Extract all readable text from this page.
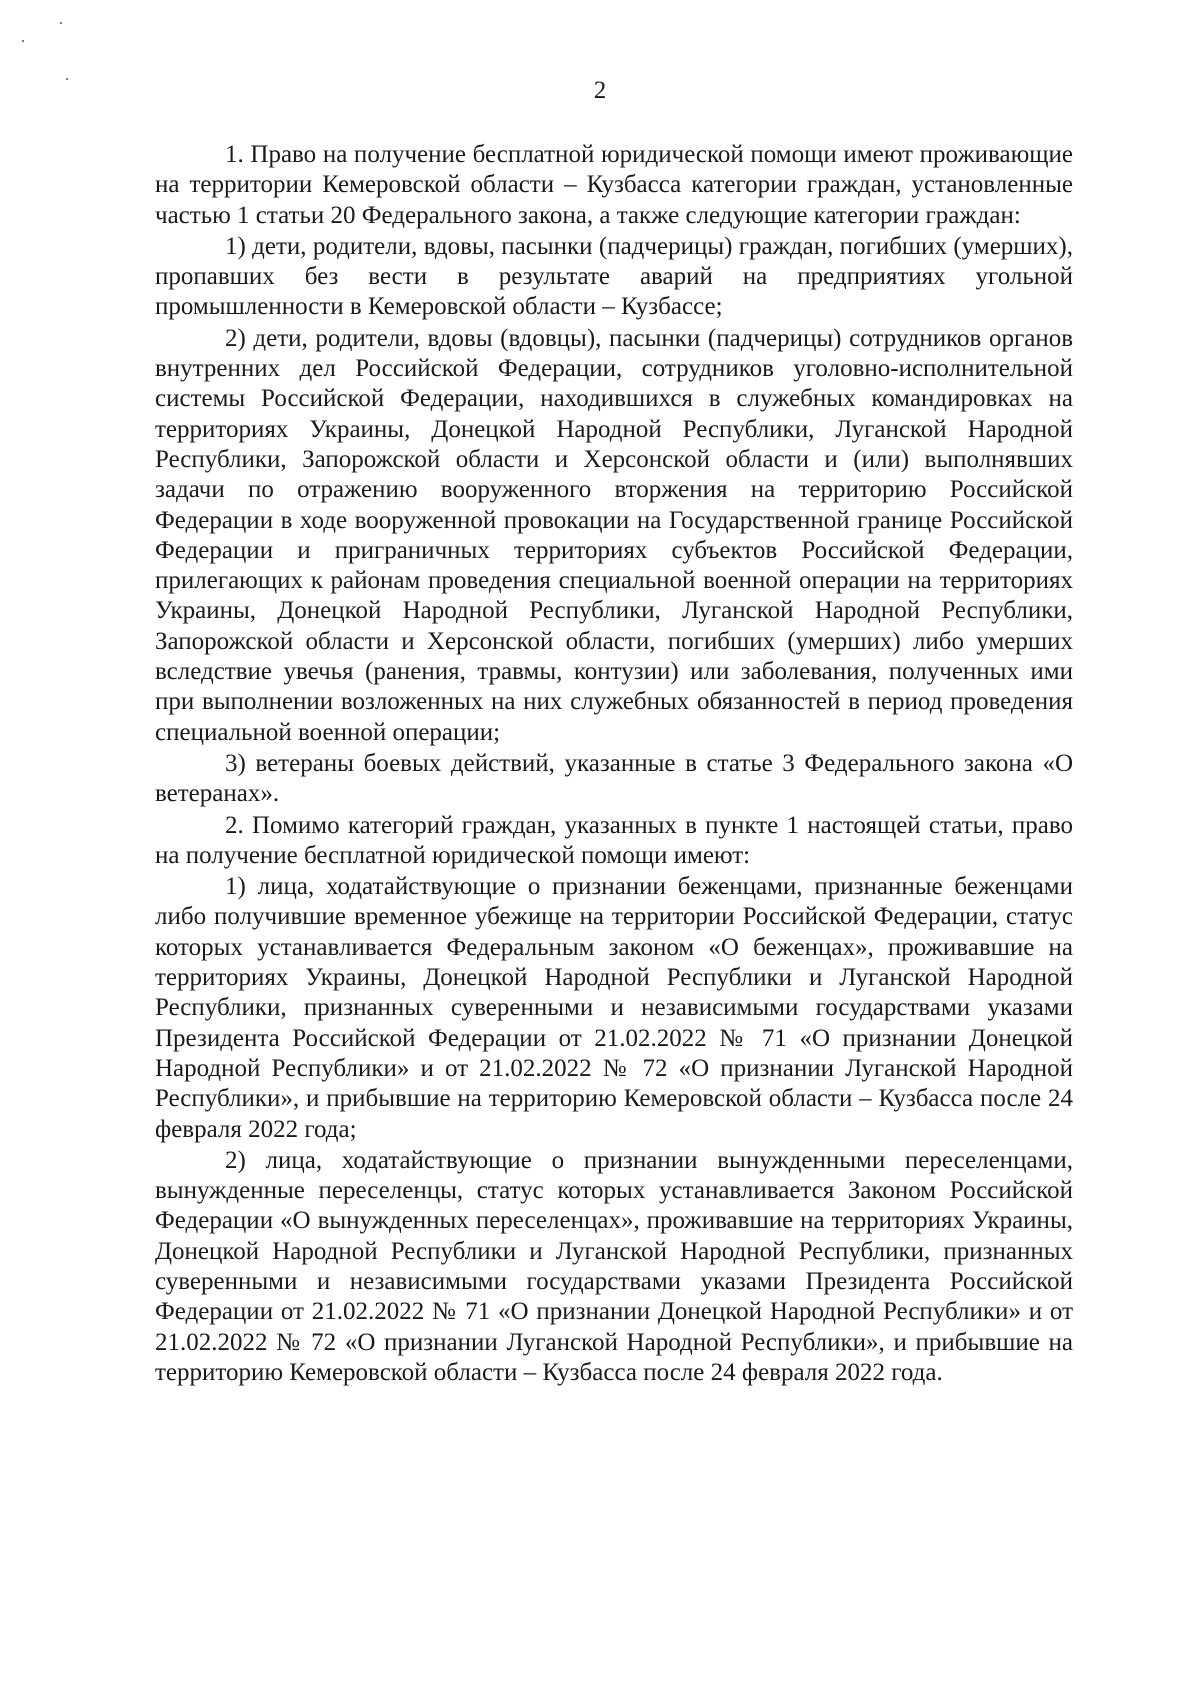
2

1. Право на получение бесплатной юридической помощи имеют проживающие на территории Кемеровской области – Кузбасса категории граждан, установленные частью 1 статьи 20 Федерального закона, а также следующие категории граждан:

1) дети, родители, вдовы, пасынки (падчерицы) граждан, погибших (умерших), пропавших без вести в результате аварий на предприятиях угольной промышленности в Кемеровской области – Кузбассе;

2) дети, родители, вдовы (вдовцы), пасынки (падчерицы) сотрудников органов внутренних дел Российской Федерации, сотрудников уголовно-исполнительной системы Российской Федерации, находившихся в служебных командировках на территориях Украины, Донецкой Народной Республики, Луганской Народной Республики, Запорожской области и Херсонской области и (или) выполнявших задачи по отражению вооруженного вторжения на территорию Российской Федерации в ходе вооруженной провокации на Государственной границе Российской Федерации и приграничных территориях субъектов Российской Федерации, прилегающих к районам проведения специальной военной операции на территориях Украины, Донецкой Народной Республики, Луганской Народной Республики, Запорожской области и Херсонской области, погибших (умерших) либо умерших вследствие увечья (ранения, травмы, контузии) или заболевания, полученных ими при выполнении возложенных на них служебных обязанностей в период проведения специальной военной операции;

3) ветераны боевых действий, указанные в статье 3 Федерального закона «О ветеранах».

2. Помимо категорий граждан, указанных в пункте 1 настоящей статьи, право на получение бесплатной юридической помощи имеют:

1) лица, ходатайствующие о признании беженцами, признанные беженцами либо получившие временное убежище на территории Российской Федерации, статус которых устанавливается Федеральным законом «О беженцах», проживавшие на территориях Украины, Донецкой Народной Республики и Луганской Народной Республики, признанных суверенными и независимыми государствами указами Президента Российской Федерации от 21.02.2022 № 71 «О признании Донецкой Народной Республики» и от 21.02.2022 № 72 «О признании Луганской Народной Республики», и прибывшие на территорию Кемеровской области – Кузбасса после 24 февраля 2022 года;

2) лица, ходатайствующие о признании вынужденными переселенцами, вынужденные переселенцы, статус которых устанавливается Законом Российской Федерации «О вынужденных переселенцах», проживавшие на территориях Украины, Донецкой Народной Республики и Луганской Народной Республики, признанных суверенными и независимыми государствами указами Президента Российской Федерации от 21.02.2022 № 71 «О признании Донецкой Народной Республики» и от 21.02.2022 № 72 «О признании Луганской Народной Республики», и прибывшие на территорию Кемеровской области – Кузбасса после 24 февраля 2022 года.
